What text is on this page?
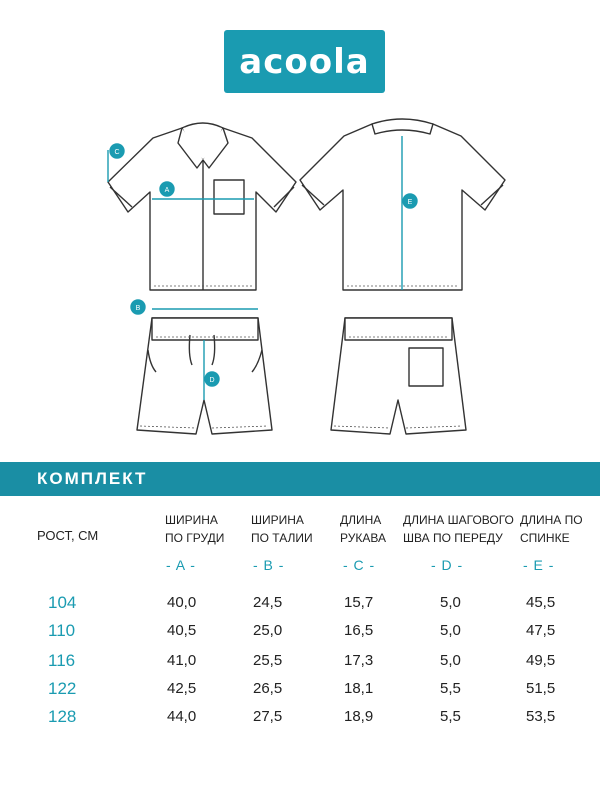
acoola
A
B
C
D
E
КОМПЛЕКТ
РОСТ, СМ
ШИРИНА
ПО ГРУДИ
ШИРИНА
ПО ТАЛИИ
ДЛИНА
РУКАВА
ДЛИНА ШАГОВОГО
ШВА ПО ПЕРЕДУ
ДЛИНА ПО
СПИНКЕ
- A -	- B -	- C -	- D -	- E -
104	40,0	24,5	15,7	5,0	45,5
110	40,5	25,0	16,5	5,0	47,5
116	41,0	25,5	17,3	5,0	49,5
122	42,5	26,5	18,1	5,5	51,5
128	44,0	27,5	18,9	5,5	53,5
